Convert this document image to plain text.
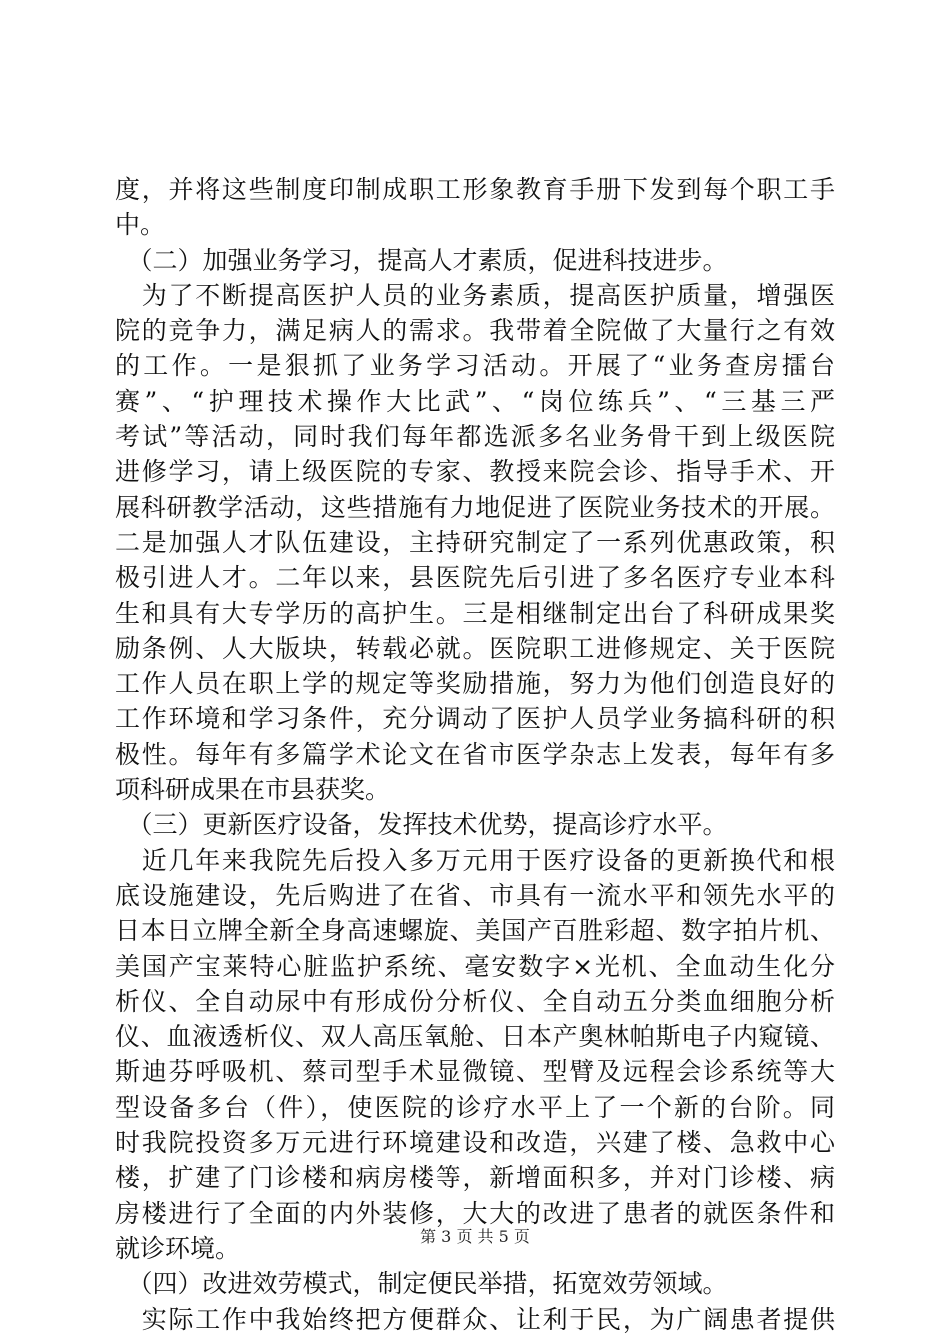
度，并将这些制度印制成职工形象教育手册下发到每个职工手
中。
　（二）加强业务学习，提高人才素质，促进科技进步。
　为了不断提高医护人员的业务素质，提高医护质量，增强医
院的竞争力，满足病人的需求。我带着全院做了大量行之有效
的工作。一是狠抓了业务学习活动。开展了“业务查房擂台
赛”、“护理技术操作大比武”、“岗位练兵”、“三基三严
考试”等活动，同时我们每年都选派多名业务骨干到上级医院
进修学习，请上级医院的专家、教授来院会诊、指导手术、开
展科研教学活动，这些措施有力地促进了医院业务技术的开展。
二是加强人才队伍建设，主持研究制定了一系列优惠政策，积
极引进人才。二年以来，县医院先后引进了多名医疗专业本科
生和具有大专学历的高护生。三是相继制定出台了科研成果奖
励条例、人大版块，转载必就。医院职工进修规定、关于医院
工作人员在职上学的规定等奖励措施，努力为他们创造良好的
工作环境和学习条件，充分调动了医护人员学业务搞科研的积
极性。每年有多篇学术论文在省市医学杂志上发表，每年有多
项科研成果在市县获奖。
　（三）更新医疗设备，发挥技术优势，提高诊疗水平。
　近几年来我院先后投入多万元用于医疗设备的更新换代和根
底设施建设，先后购进了在省、市具有一流水平和领先水平的
日本日立牌全新全身高速螺旋、美国产百胜彩超、数字拍片机、
美国产宝莱特心脏监护系统、毫安数字×光机、全血动生化分
析仪、全自动尿中有形成份分析仪、全自动五分类血细胞分析
仪、血液透析仪、双人高压氧舱、日本产奥林帕斯电子内窥镜、
斯迪芬呼吸机、蔡司型手术显微镜、型臂及远程会诊系统等大
型设备多台（件），使医院的诊疗水平上了一个新的台阶。同
时我院投资多万元进行环境建设和改造，兴建了楼、急救中心
楼，扩建了门诊楼和病房楼等，新增面积多，并对门诊楼、病
房楼进行了全面的内外装修，大大的改进了患者的就医条件和
就诊环境。
　（四）改进效劳模式，制定便民举措，拓宽效劳领域。
　实际工作中我始终把方便群众、让利于民，为广阔患者提供
第 3 页 共 5 页
